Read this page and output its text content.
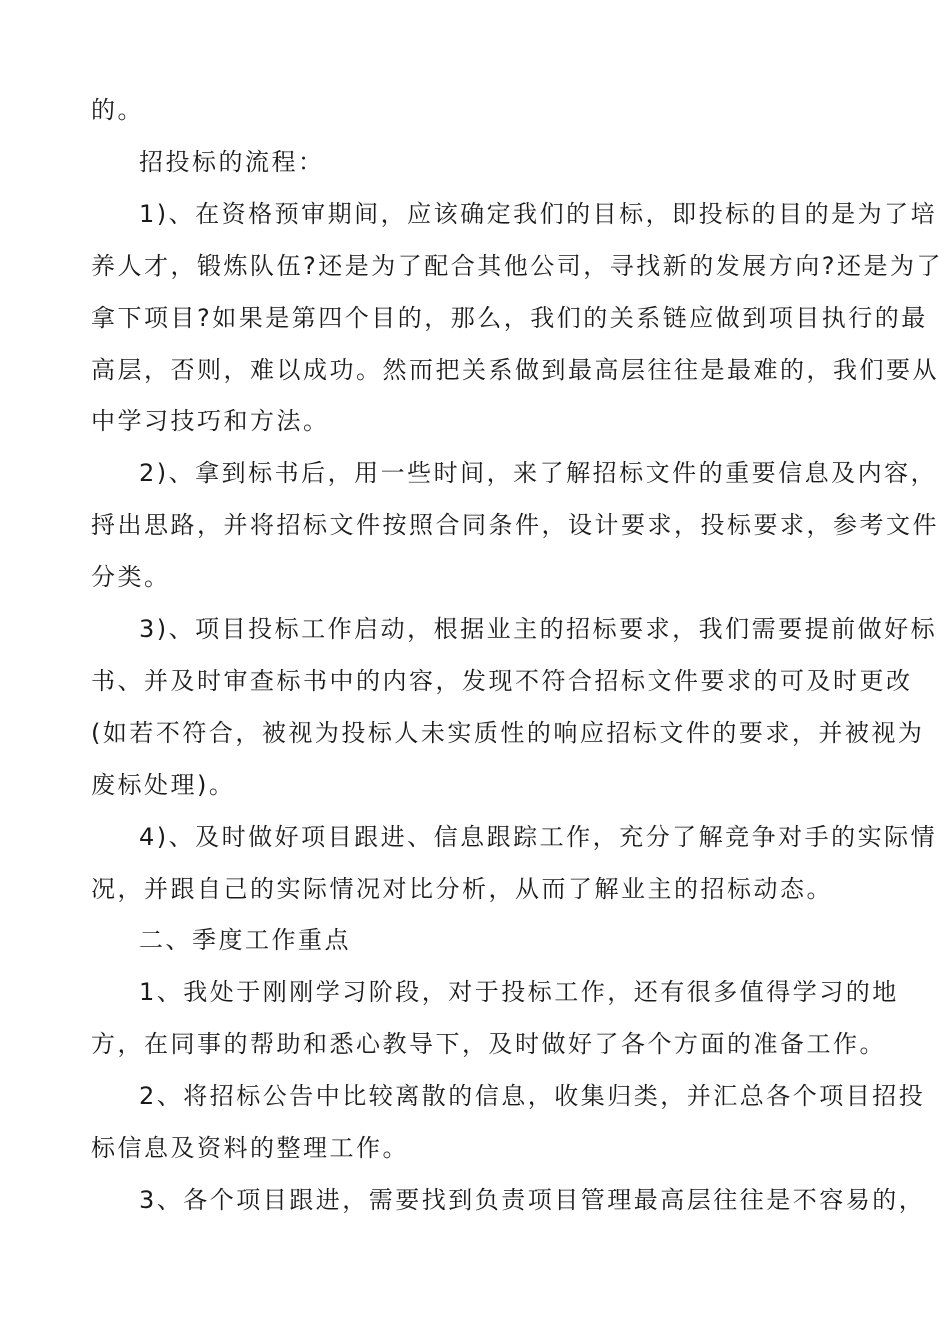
的。
招投标的流程：
1)、在资格预审期间，应该确定我们的目标，即投标的目的是为了培
养人才，锻炼队伍?还是为了配合其他公司，寻找新的发展方向?还是为了
拿下项目?如果是第四个目的，那么，我们的关系链应做到项目执行的最
高层，否则，难以成功。然而把关系做到最高层往往是最难的，我们要从
中学习技巧和方法。
2)、拿到标书后，用一些时间，来了解招标文件的重要信息及内容，
捋出思路，并将招标文件按照合同条件，设计要求，投标要求，参考文件
分类。
3)、项目投标工作启动，根据业主的招标要求，我们需要提前做好标
书、并及时审查标书中的内容，发现不符合招标文件要求的可及时更改
(如若不符合，被视为投标人未实质性的响应招标文件的要求，并被视为
废标处理)。
4)、及时做好项目跟进、信息跟踪工作，充分了解竞争对手的实际情
况，并跟自己的实际情况对比分析，从而了解业主的招标动态。
二、季度工作重点
1、我处于刚刚学习阶段，对于投标工作，还有很多值得学习的地
方，在同事的帮助和悉心教导下，及时做好了各个方面的准备工作。
2、将招标公告中比较离散的信息，收集归类，并汇总各个项目招投
标信息及资料的整理工作。
3、各个项目跟进，需要找到负责项目管理最高层往往是不容易的，
